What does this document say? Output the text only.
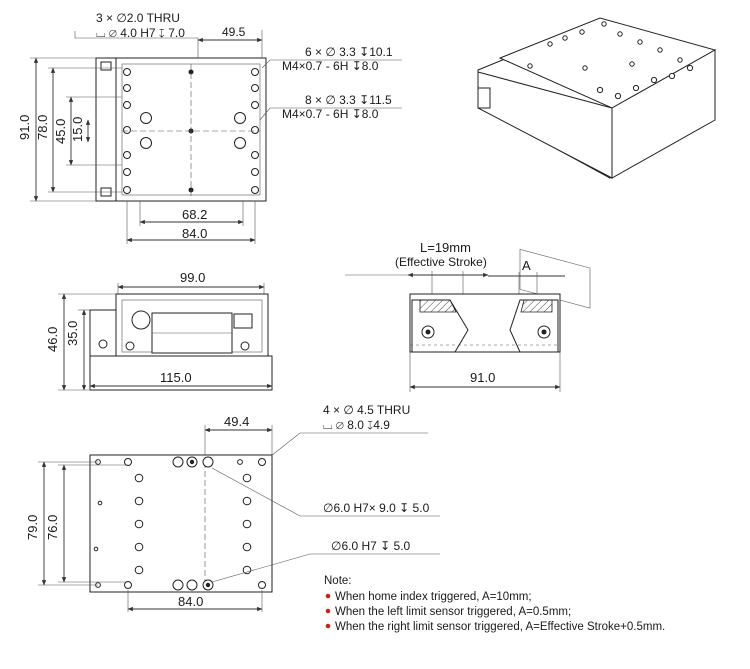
3 × ∅2.0 THRU
⌴ ∅ 4.0 H7 ↧ 7.0	49.5
6 × ∅ 3.3 ↧10.1
M4×0.7 - 6H ↧8.0
8 × ∅ 3.3 ↧11.5
M4×0.7 - 6H ↧8.0
91.0 78.0 45.0 15.0
68.2
84.0
99.0
46.0 35.0
115.0
L=19mm
(Effective Stroke)	A
91.0
4 × ∅ 4.5 THRU
⌴ ∅ 8.0 ↧4.9
49.4
∅6.0 H7× 9.0 ↧ 5.0
∅6.0 H7 ↧ 5.0
79.0 76.0
84.0
Note:
When home index triggered, A=10mm;
When the left limit sensor triggered, A=0.5mm;
When the right limit sensor triggered, A=Effective Stroke+0.5mm.
